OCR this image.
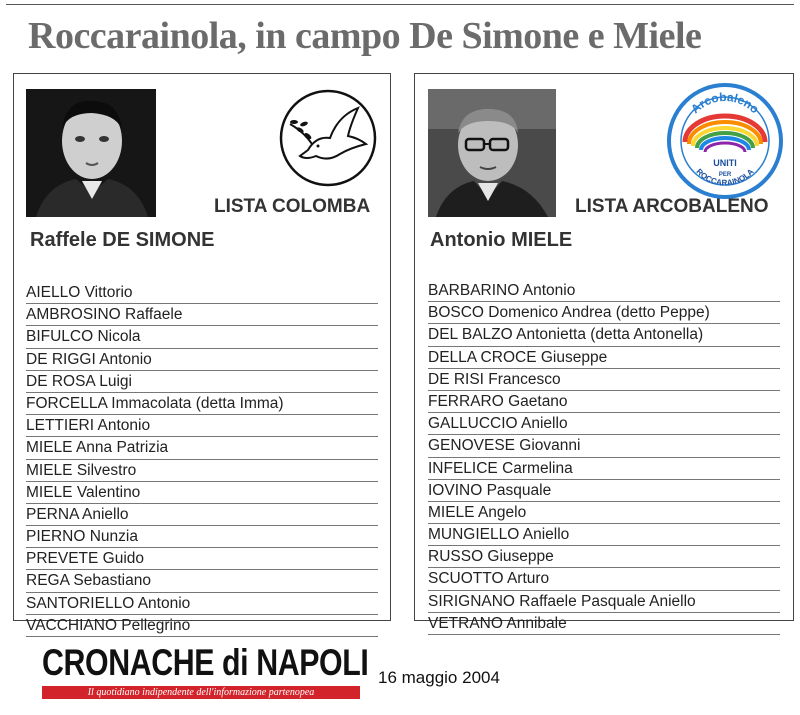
Roccarainola, in campo De Simone e Miele
LISTA COLOMBA
Raffele DE SIMONE
AIELLO Vittorio
AMBROSINO Raffaele
BIFULCO Nicola
DE RIGGI Antonio
DE ROSA Luigi
FORCELLA Immacolata (detta Imma)
LETTIERI Antonio
MIELE Anna Patrizia
MIELE Silvestro
MIELE Valentino
PERNA Aniello
PIERNO Nunzia
PREVETE Guido
REGA Sebastiano
SANTORIELLO Antonio
VACCHIANO Pellegrino
UNITI
PER
Arcobaleno
ROCCARAINOLA
LISTA ARCOBALENO
Antonio MIELE
BARBARINO Antonio
BOSCO Domenico Andrea (detto Peppe)
DEL BALZO Antonietta (detta Antonella)
DELLA CROCE Giuseppe
DE RISI Francesco
FERRARO Gaetano
GALLUCCIO Aniello
GENOVESE Giovanni
INFELICE Carmelina
IOVINO Pasquale
MIELE Angelo
MUNGIELLO Aniello
RUSSO Giuseppe
SCUOTTO Arturo
SIRIGNANO Raffaele Pasquale Aniello
VETRANO Annibale
CRONACHE di NAPOLI
Il quotidiano indipendente dell'informazione partenopea
16 maggio 2004
